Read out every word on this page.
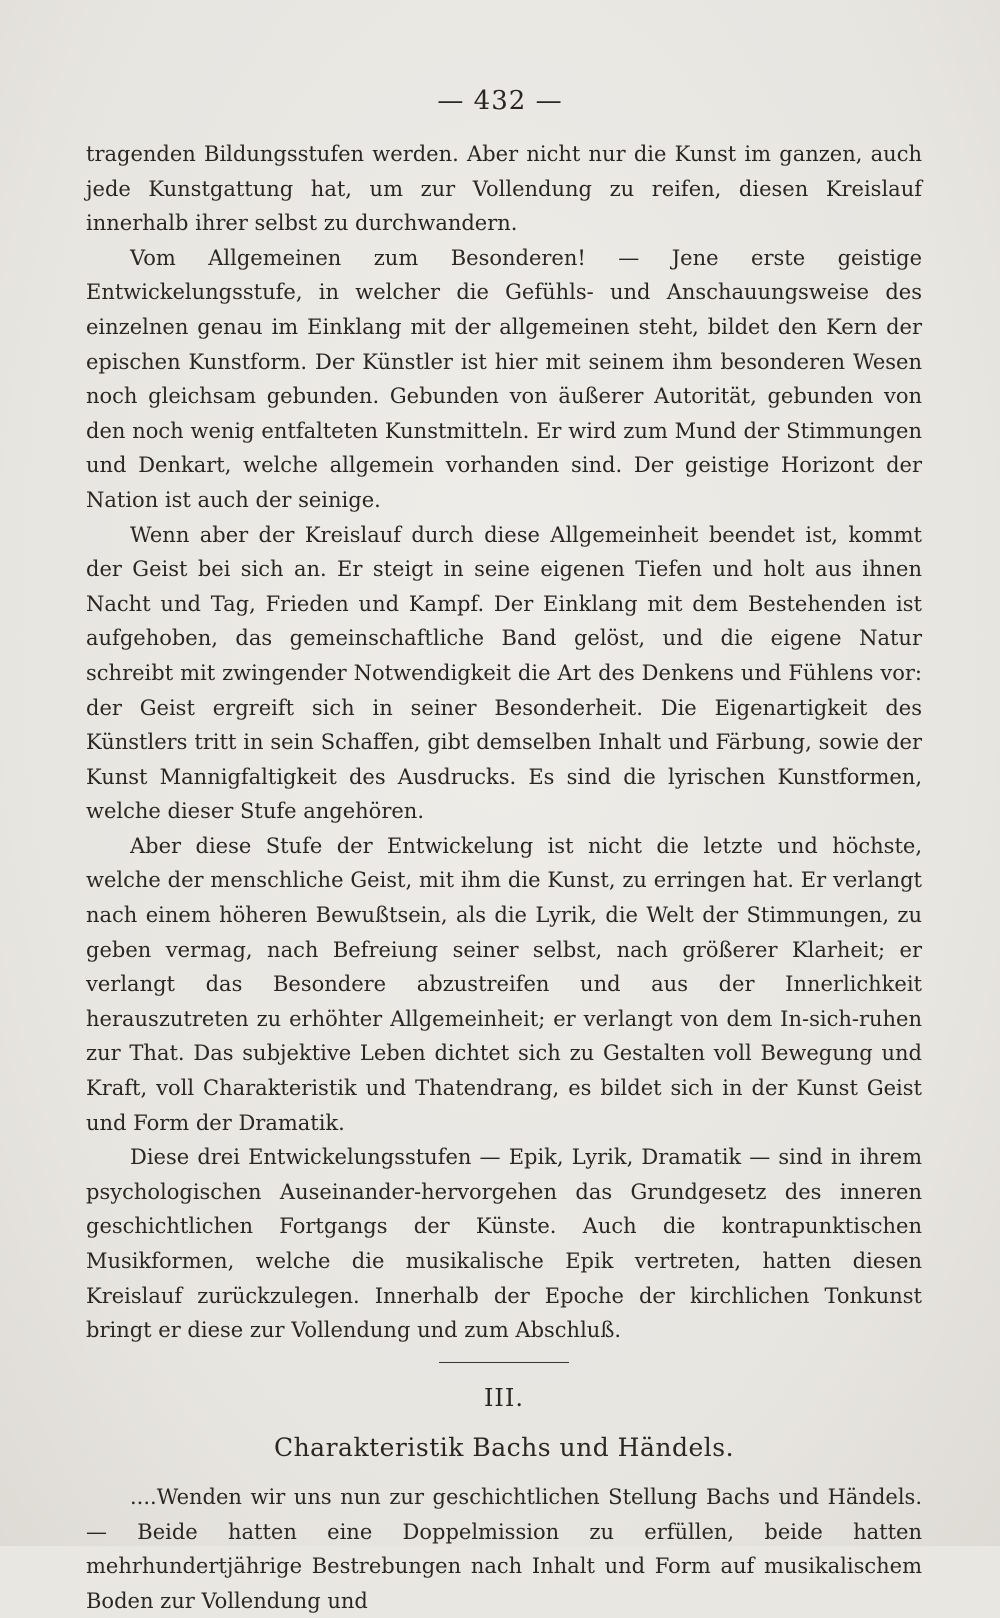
— 432 —

tragenden Bildungsstufen werden. Aber nicht nur die Kunst im ganzen, auch jede Kunstgattung hat, um zur Vollendung zu reifen, diesen Kreislauf innerhalb ihrer selbst zu durchwandern.

Vom Allgemeinen zum Besonderen! — Jene erste geistige Entwickelungsstufe, in welcher die Gefühls- und Anschauungsweise des einzelnen genau im Einklang mit der allgemeinen steht, bildet den Kern der epischen Kunstform. Der Künstler ist hier mit seinem ihm besonderen Wesen noch gleichsam gebunden. Gebunden von äußerer Autorität, gebunden von den noch wenig entfalteten Kunstmitteln. Er wird zum Mund der Stimmungen und Denkart, welche allgemein vorhanden sind. Der geistige Horizont der Nation ist auch der seinige.

Wenn aber der Kreislauf durch diese Allgemeinheit beendet ist, kommt der Geist bei sich an. Er steigt in seine eigenen Tiefen und holt aus ihnen Nacht und Tag, Frieden und Kampf. Der Einklang mit dem Bestehenden ist aufgehoben, das gemeinschaftliche Band gelöst, und die eigene Natur schreibt mit zwingender Notwendigkeit die Art des Denkens und Fühlens vor: der Geist ergreift sich in seiner Besonderheit. Die Eigenartigkeit des Künstlers tritt in sein Schaffen, gibt demselben Inhalt und Färbung, sowie der Kunst Mannigfaltigkeit des Ausdrucks. Es sind die lyrischen Kunstformen, welche dieser Stufe angehören.

Aber diese Stufe der Entwickelung ist nicht die letzte und höchste, welche der menschliche Geist, mit ihm die Kunst, zu erringen hat. Er verlangt nach einem höheren Bewußtsein, als die Lyrik, die Welt der Stimmungen, zu geben vermag, nach Befreiung seiner selbst, nach größerer Klarheit; er verlangt das Besondere abzustreifen und aus der Innerlichkeit herauszutreten zu erhöhter Allgemeinheit; er verlangt von dem In-sich-ruhen zur That. Das subjektive Leben dichtet sich zu Gestalten voll Bewegung und Kraft, voll Charakteristik und Thatendrang, es bildet sich in der Kunst Geist und Form der Dramatik.

Diese drei Entwickelungsstufen — Epik, Lyrik, Dramatik — sind in ihrem psychologischen Auseinander-hervorgehen das Grundgesetz des inneren geschichtlichen Fortgangs der Künste. Auch die kontrapunktischen Musikformen, welche die musikalische Epik vertreten, hatten diesen Kreislauf zurückzulegen. Innerhalb der Epoche der kirchlichen Tonkunst bringt er diese zur Vollendung und zum Abschluß.

III.
Charakteristik Bachs und Händels.

....Wenden wir uns nun zur geschichtlichen Stellung Bachs und Händels. — Beide hatten eine Doppelmission zu erfüllen, beide hatten mehrhundertjährige Bestrebungen nach Inhalt und Form auf musikalischem Boden zur Vollendung und
